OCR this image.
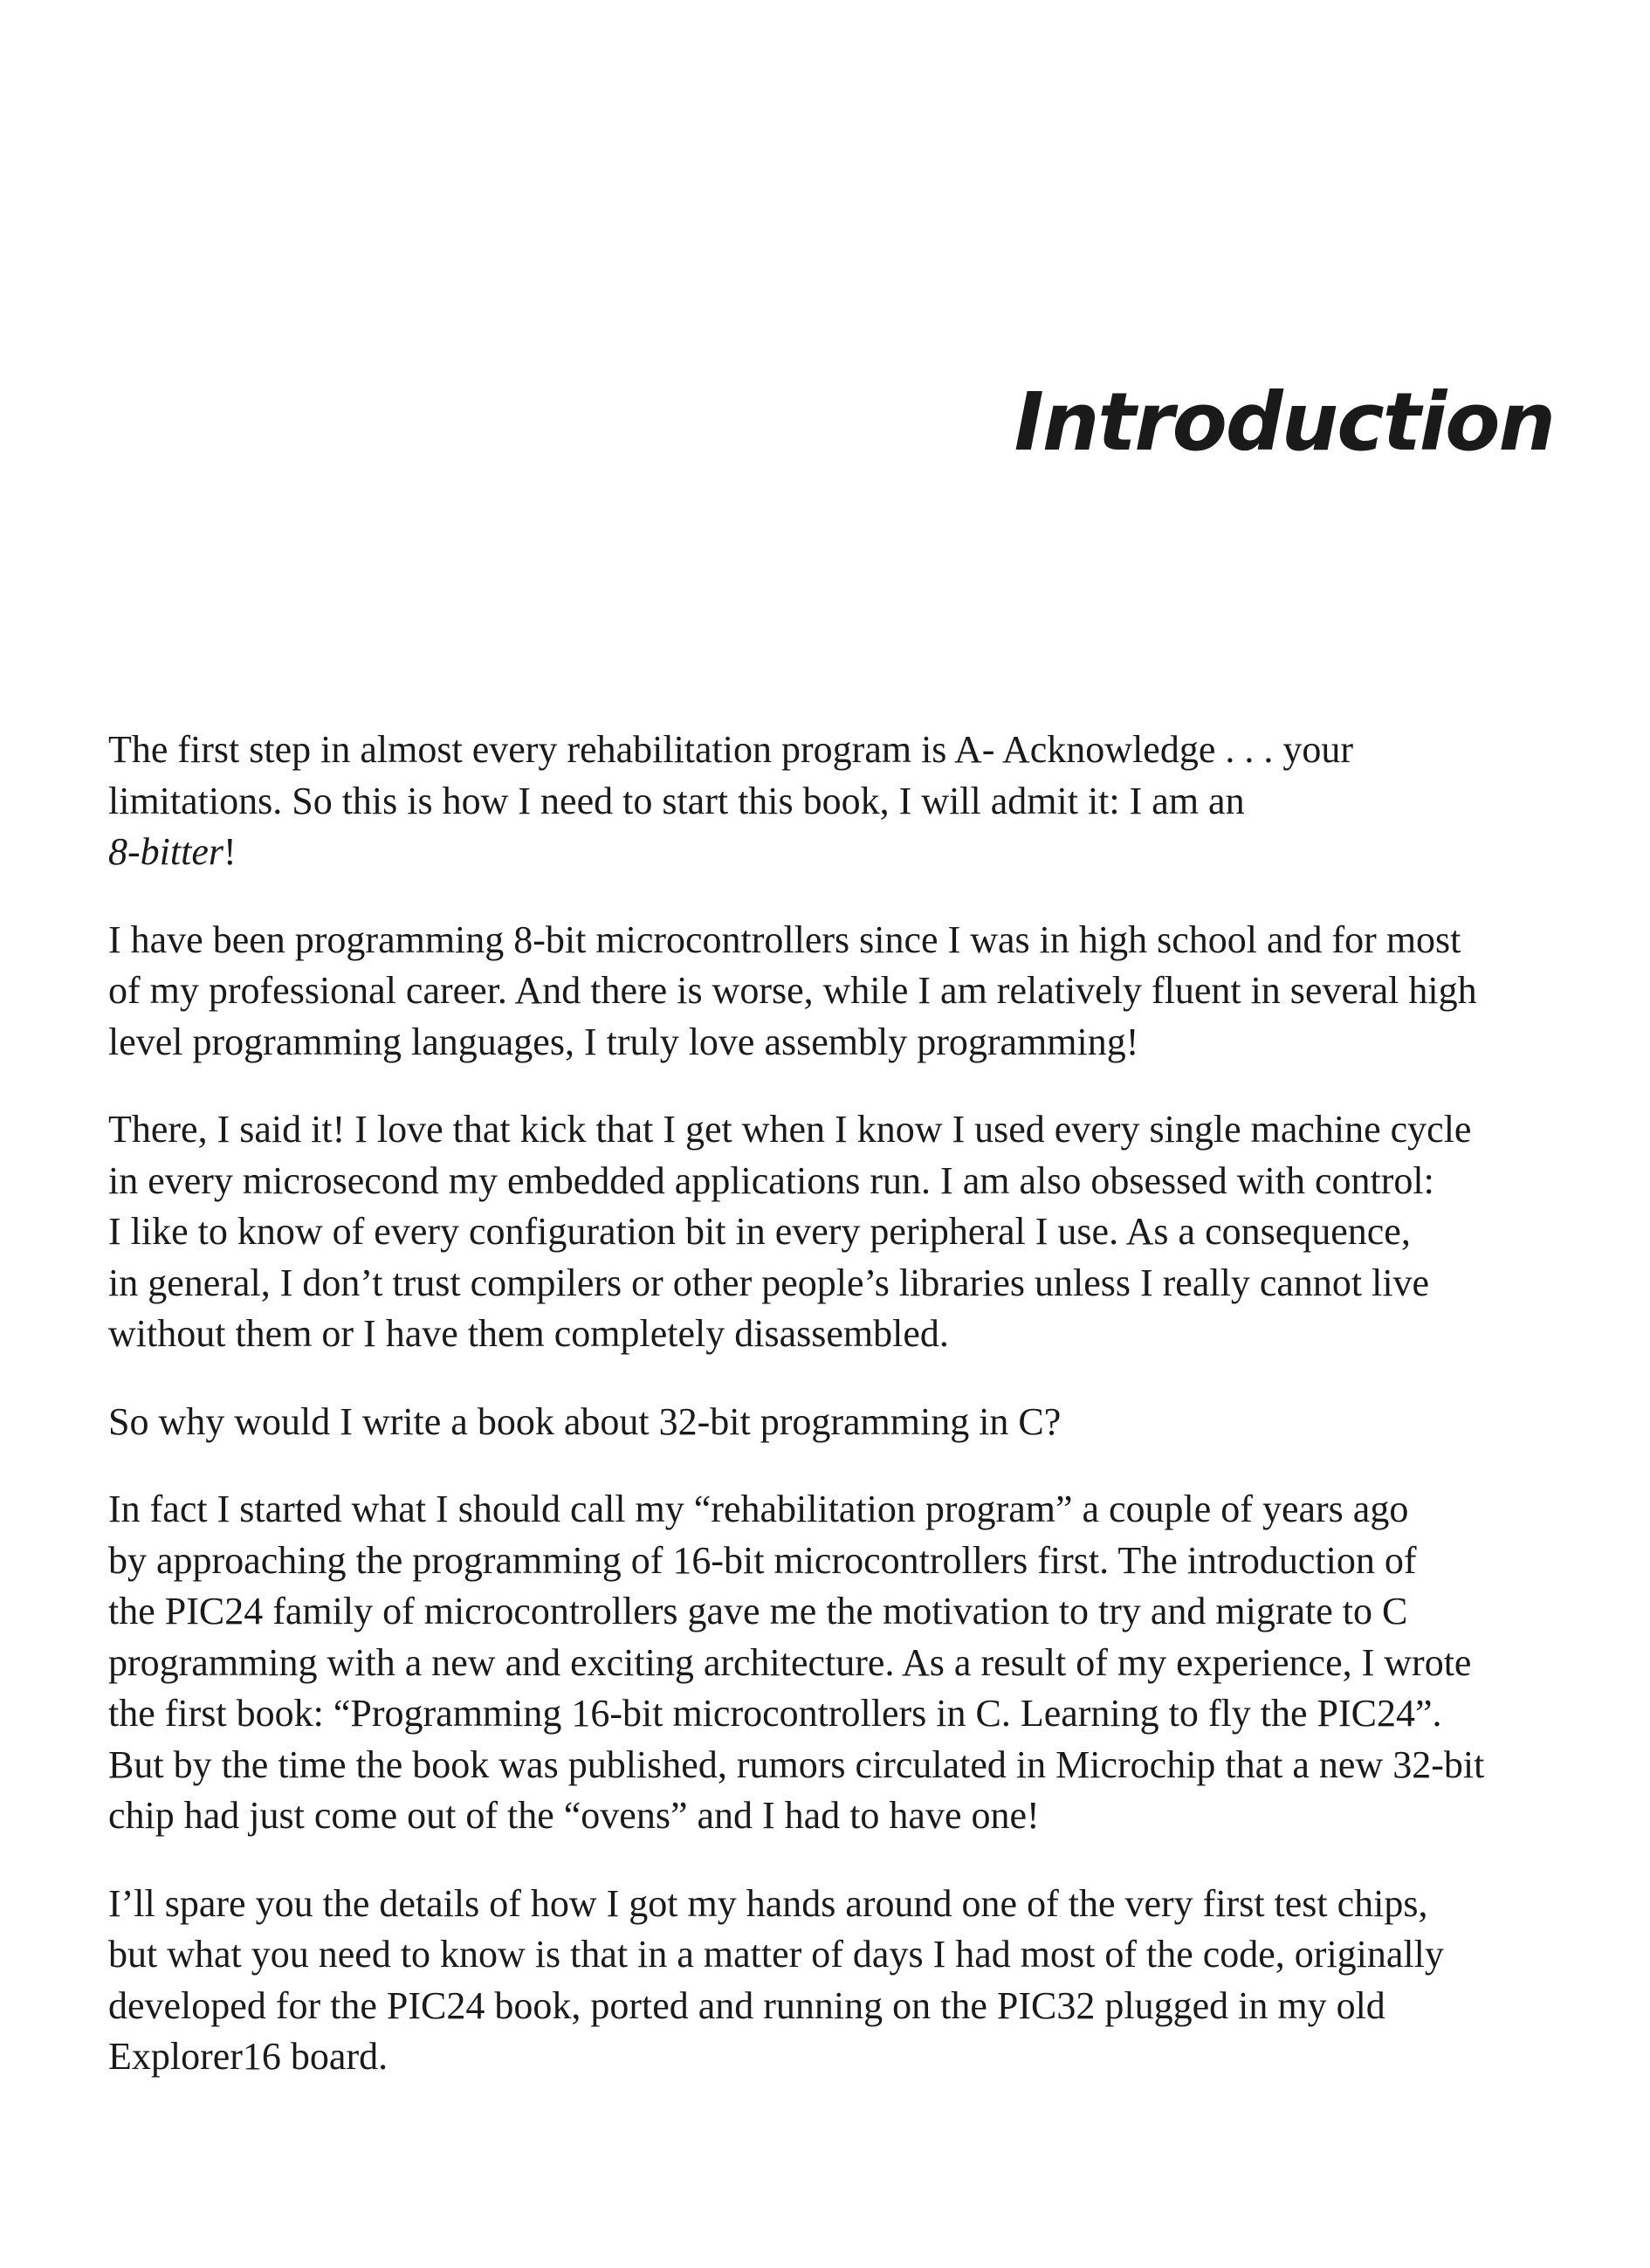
Introduction

The first step in almost every rehabilitation program is A- Acknowledge . . . your
limitations. So this is how I need to start this book, I will admit it: I am an
8-bitter!

I have been programming 8-bit microcontrollers since I was in high school and for most
of my professional career. And there is worse, while I am relatively fluent in several high
level programming languages, I truly love assembly programming!

There, I said it! I love that kick that I get when I know I used every single machine cycle
in every microsecond my embedded applications run. I am also obsessed with control:
I like to know of every configuration bit in every peripheral I use. As a consequence,
in general, I don’t trust compilers or other people’s libraries unless I really cannot live
without them or I have them completely disassembled.

So why would I write a book about 32-bit programming in C?

In fact I started what I should call my “rehabilitation program” a couple of years ago
by approaching the programming of 16-bit microcontrollers first. The introduction of
the PIC24 family of microcontrollers gave me the motivation to try and migrate to C
programming with a new and exciting architecture. As a result of my experience, I wrote
the first book: “Programming 16-bit microcontrollers in C. Learning to fly the PIC24”.
But by the time the book was published, rumors circulated in Microchip that a new 32-bit
chip had just come out of the “ovens” and I had to have one!

I’ll spare you the details of how I got my hands around one of the very first test chips,
but what you need to know is that in a matter of days I had most of the code, originally
developed for the PIC24 book, ported and running on the PIC32 plugged in my old
Explorer16 board.
